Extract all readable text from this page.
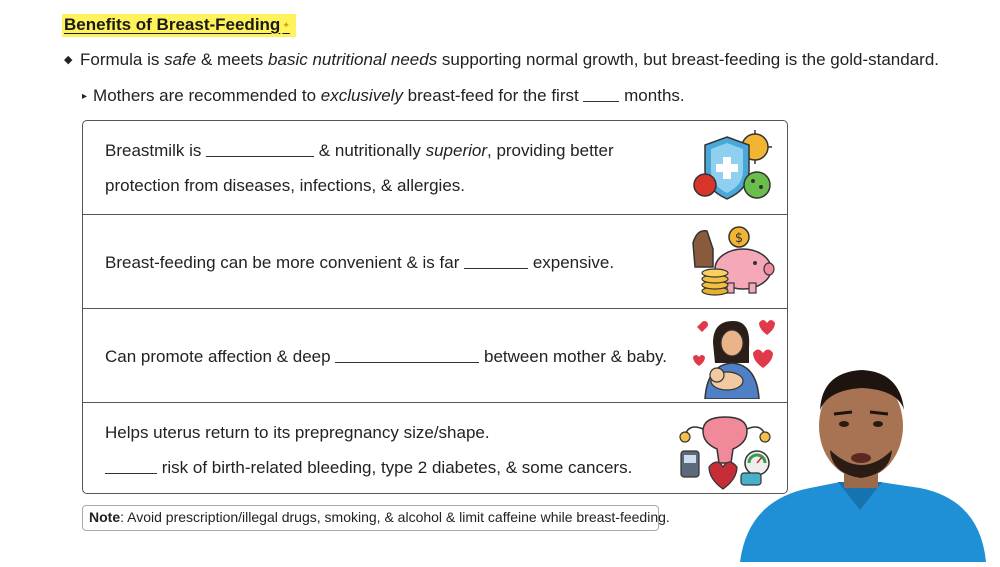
Benefits of Breast-Feeding ✦
◆ Formula is safe & meets basic nutritional needs supporting normal growth, but breast-feeding is the gold-standard.
▸ Mothers are recommended to exclusively breast-feed for the first  months.
Breastmilk is	& nutritionally superior, providing better
protection from diseases, infections, & allergies.
Breast-feeding can be more convenient & is far	expensive.
$
Can promote affection & deep	between mother & baby.
Helps uterus return to its prepregnancy size/shape.
risk of birth-related bleeding, type 2 diabetes, & some cancers.
Note: Avoid prescription/illegal drugs, smoking, & alcohol & limit caffeine while breast-feeding.
